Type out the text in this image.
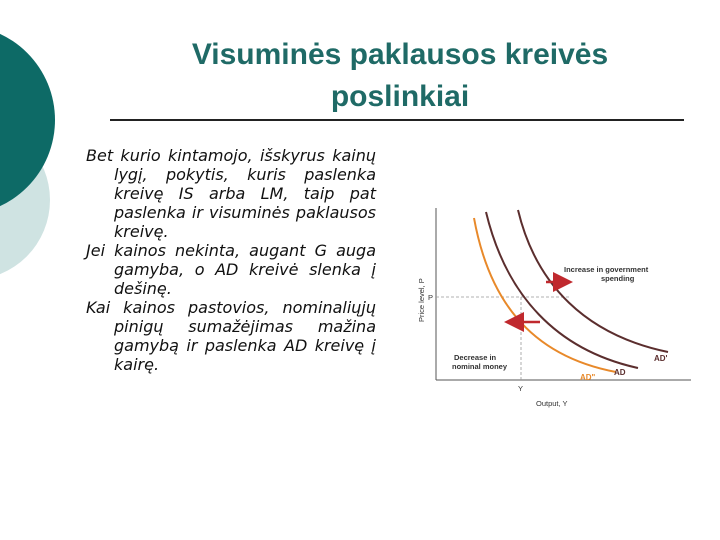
Visuminės paklausos kreivės
poslinkiai

Bet kurio kintamojo, išskyrus kainų lygį, pokytis, kuris paslenka kreivę IS arba LM, taip pat paslenka ir visuminės paklausos kreivę.

Jei kainos nekinta, augant G auga gamyba, o AD kreivė slenka į dešinę.

Kai kainos pastovios, nominaliųjų pinigų sumažėjimas mažina gamybą ir paslenka AD kreivę į kairę.

Price level, P P
Y
Output, Y
Increase in government
spending
Decrease in
nominal money
AD'
AD
AD"
